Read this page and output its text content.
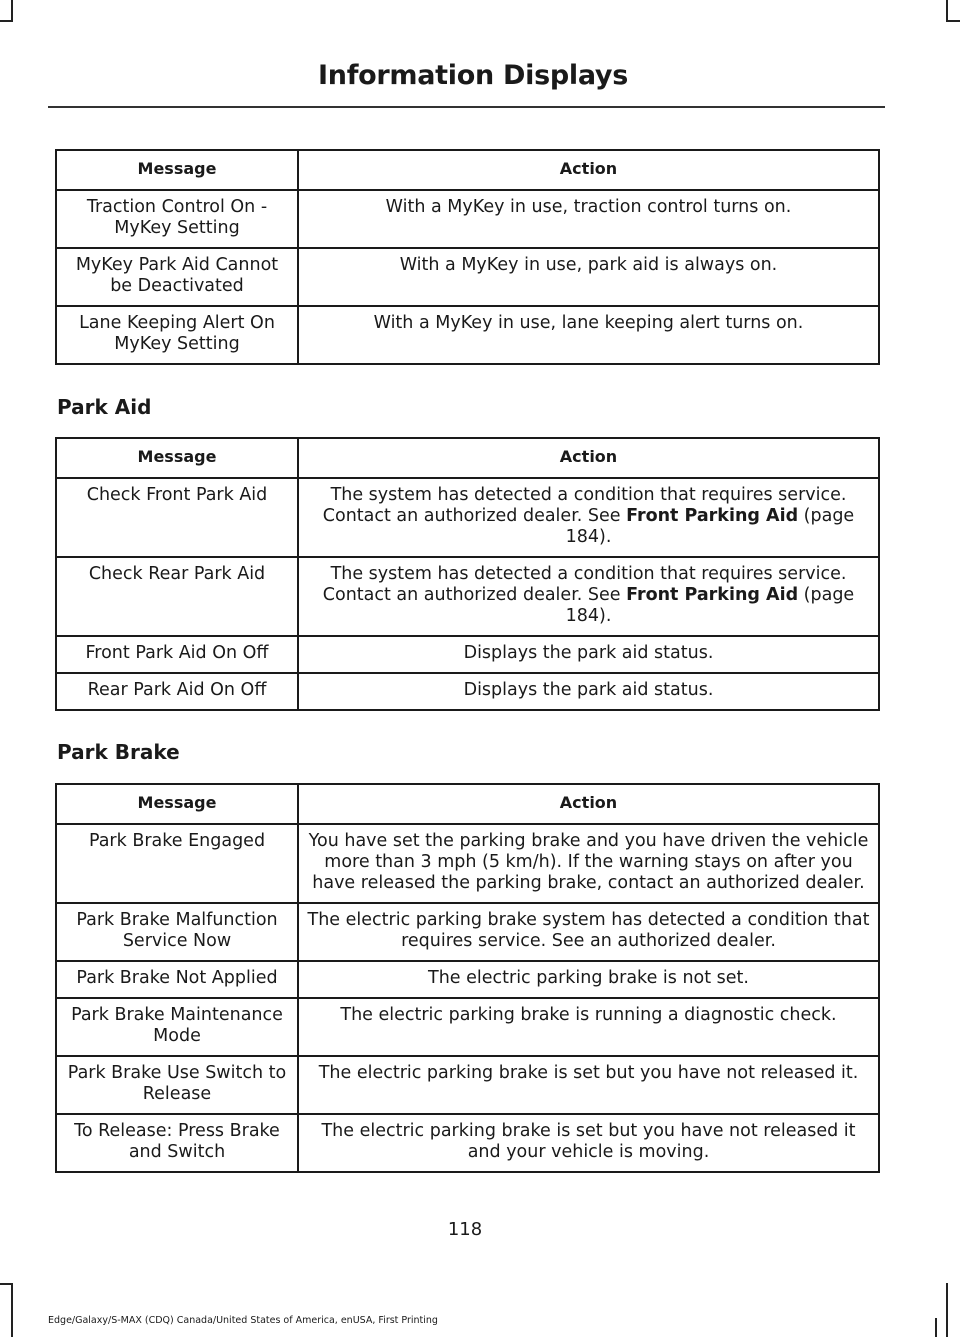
Information Displays
Message	Action
Traction Control On - MyKey Setting	With a MyKey in use, traction control turns on.
MyKey Park Aid Cannot be Deactivated	With a MyKey in use, park aid is always on.
Lane Keeping Alert On MyKey Setting	With a MyKey in use, lane keeping alert turns on.
Park Aid
Message	Action
Check Front Park Aid	The system has detected a condition that requires service. Contact an authorized dealer. See Front Parking Aid (page 184).
Check Rear Park Aid	The system has detected a condition that requires service. Contact an authorized dealer. See Front Parking Aid (page 184).
Front Park Aid On Off	Displays the park aid status.
Rear Park Aid On Off	Displays the park aid status.
Park Brake
Message	Action
Park Brake Engaged	You have set the parking brake and you have driven the vehicle more than 3 mph (5 km/h). If the warning stays on after you have released the parking brake, contact an authorized dealer.
Park Brake Malfunction Service Now	The electric parking brake system has detected a condition that requires service. See an authorized dealer.
Park Brake Not Applied	The electric parking brake is not set.
Park Brake Maintenance Mode	The electric parking brake is running a diagnostic check.
Park Brake Use Switch to Release	The electric parking brake is set but you have not released it.
To Release: Press Brake and Switch	The electric parking brake is set but you have not released it and your vehicle is moving.
118
Edge/Galaxy/S-MAX (CDQ) Canada/United States of America, enUSA, First Printing
